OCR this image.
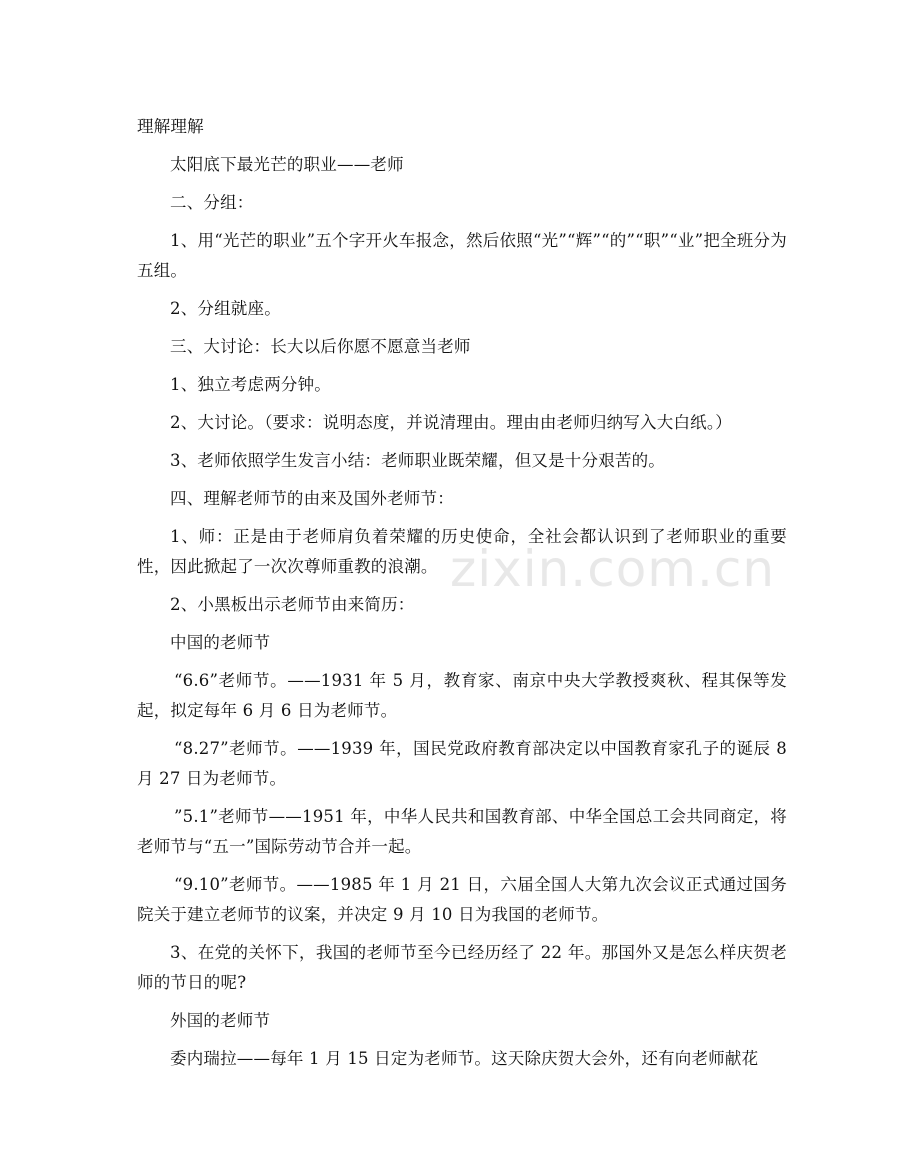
理解理解

太阳底下最光芒的职业——老师

二、分组：

1、用“光芒的职业”五个字开火车报念，然后依照“光”“辉”“的”“职”“业”把全班分为五组。

2、分组就座。

三、大讨论：长大以后你愿不愿意当老师

1、独立考虑两分钟。

2、大讨论。（要求：说明态度，并说清理由。理由由老师归纳写入大白纸。）

3、老师依照学生发言小结：老师职业既荣耀，但又是十分艰苦的。

四、理解老师节的由来及国外老师节：

1、师：正是由于老师肩负着荣耀的历史使命，全社会都认识到了老师职业的重要性，因此掀起了一次次尊师重教的浪潮。

2、小黑板出示老师节由来简历：

中国的老师节

“6.6”老师节。——1931 年 5 月，教育家、南京中央大学教授爽秋、程其保等发起，拟定每年 6 月 6 日为老师节。

“8.27”老师节。——1939 年，国民党政府教育部决定以中国教育家孔子的诞辰 8 月 27 日为老师节。

”5.1”老师节——1951 年，中华人民共和国教育部、中华全国总工会共同商定，将老师节与“五一”国际劳动节合并一起。

“9.10”老师节。——1985 年 1 月 21 日，六届全国人大第九次会议正式通过国务院关于建立老师节的议案，并决定 9 月 10 日为我国的老师节。

3、在党的关怀下，我国的老师节至今已经历经了 22 年。那国外又是怎么样庆贺老师的节日的呢?

外国的老师节

委内瑞拉——每年 1 月 15 日定为老师节。这天除庆贺大会外，还有向老师献花

zixin.com.cn
